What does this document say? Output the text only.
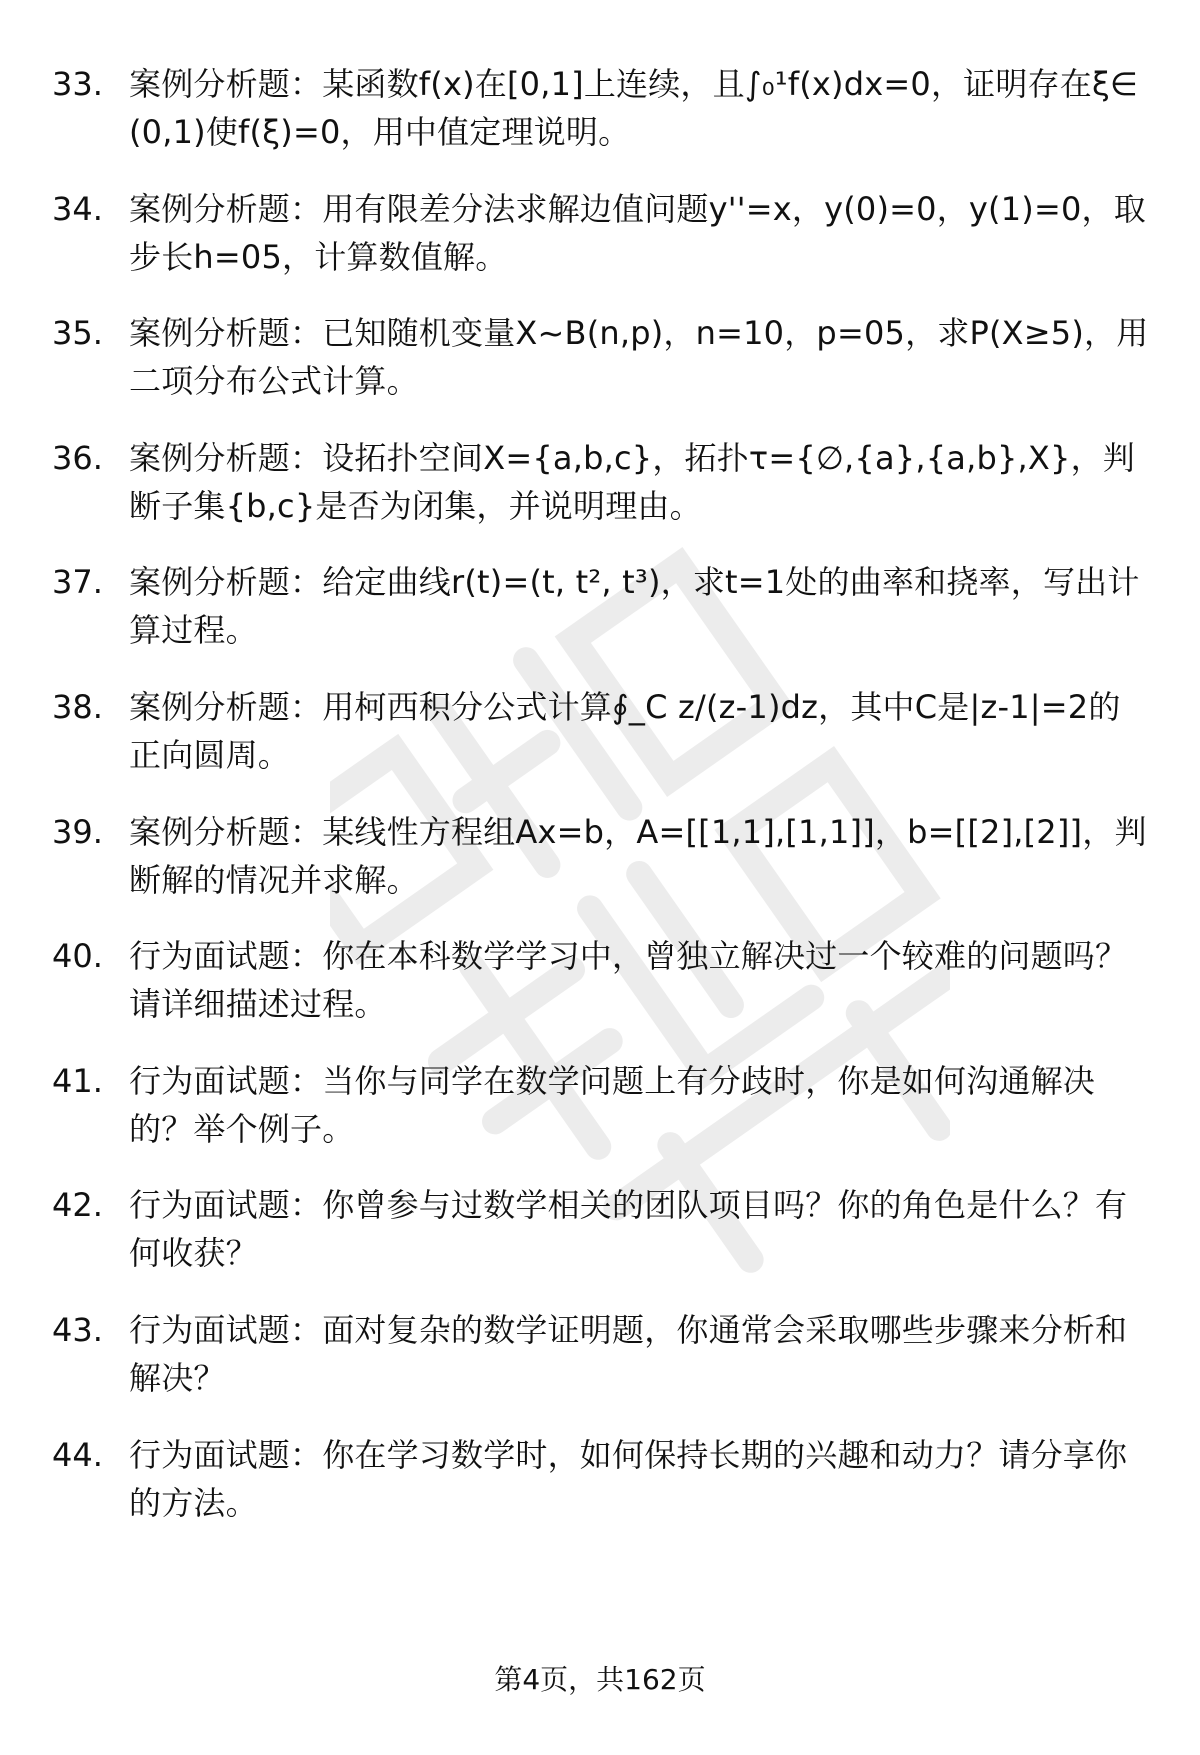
33. 案例分析题：某函数f(x)在[0,1]上连续，且∫₀¹f(x)dx=0，证明存在ξ∈(0,1)使f(ξ)=0，用中值定理说明。
34. 案例分析题：用有限差分法求解边值问题y''=x，y(0)=0，y(1)=0，取步长h=05，计算数值解。
35. 案例分析题：已知随机变量X~B(n,p)，n=10，p=05，求P(X≥5)，用二项分布公式计算。
36. 案例分析题：设拓扑空间X={a,b,c}，拓扑τ={∅,{a},{a,b},X}，判断子集{b,c}是否为闭集，并说明理由。
37. 案例分析题：给定曲线r(t)=(t, t², t³)，求t=1处的曲率和挠率，写出计算过程。
38. 案例分析题：用柯西积分公式计算∮_C z/(z-1)dz，其中C是|z-1|=2的正向圆周。
39. 案例分析题：某线性方程组Ax=b，A=[[1,1],[1,1]]，b=[[2],[2]]，判断解的情况并求解。
40. 行为面试题：你在本科数学学习中，曾独立解决过一个较难的问题吗？请详细描述过程。
41. 行为面试题：当你与同学在数学问题上有分歧时，你是如何沟通解决的？举个例子。
42. 行为面试题：你曾参与过数学相关的团队项目吗？你的角色是什么？有何收获？
43. 行为面试题：面对复杂的数学证明题，你通常会采取哪些步骤来分析和解决？
44. 行为面试题：你在学习数学时，如何保持长期的兴趣和动力？请分享你的方法。
第4页，共162页
